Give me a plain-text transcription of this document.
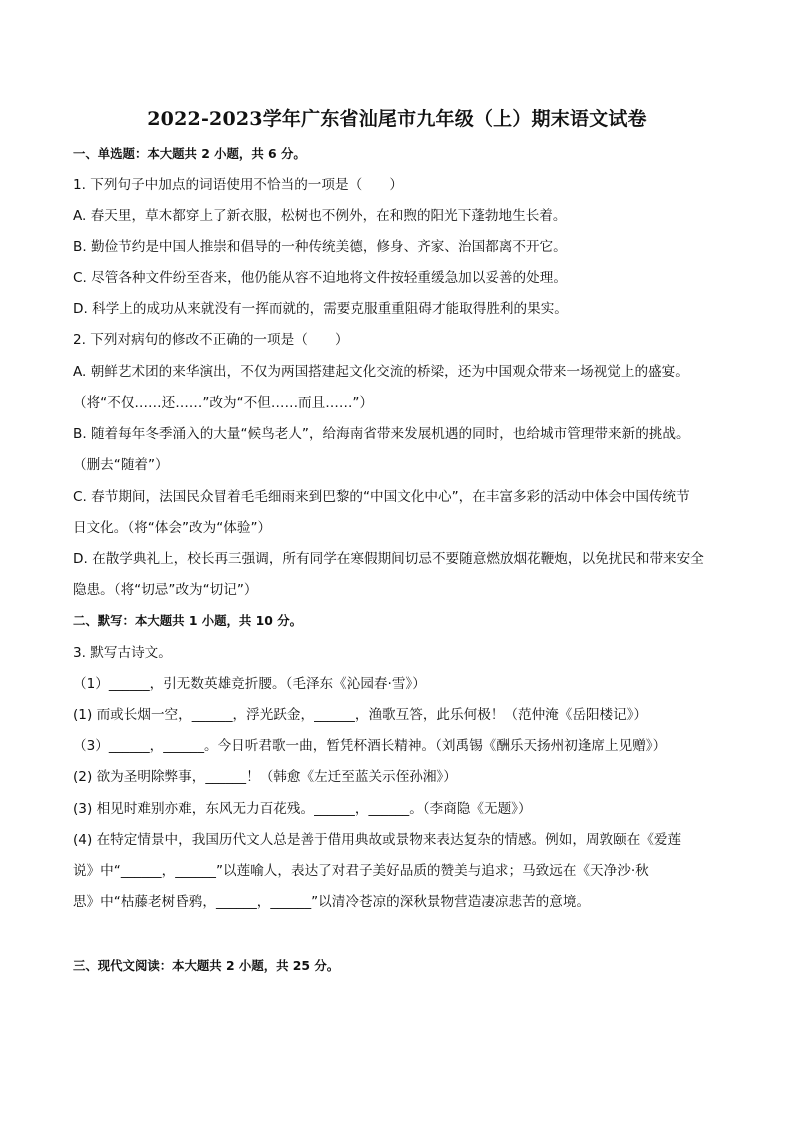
2022-2023学年广东省汕尾市九年级（上）期末语文试卷
一、单选题：本大题共 2 小题，共 6 分。
1. 下列句子中加点的词语使用不恰当的一项是（　　）
A. 春天里，草木都穿上了新衣服，松树也不例外，在和煦的阳光下蓬勃地生长着。
B. 勤俭节约是中国人推崇和倡导的一种传统美德，修身、齐家、治国都离不开它。
C. 尽管各种文件纷至沓来，他仍能从容不迫地将文件按轻重缓急加以妥善的处理。
D. 科学上的成功从来就没有一挥而就的，需要克服重重阻碍才能取得胜利的果实。
2. 下列对病句的修改不正确的一项是（　　）
A. 朝鲜艺术团的来华演出，不仅为两国搭建起文化交流的桥梁，还为中国观众带来一场视觉上的盛宴。
（将“不仅……还……”改为“不但……而且……”）
B. 随着每年冬季涌入的大量“候鸟老人”，给海南省带来发展机遇的同时，也给城市管理带来新的挑战。
（删去“随着”）
C. 春节期间，法国民众冒着毛毛细雨来到巴黎的“中国文化中心”，在丰富多彩的活动中体会中国传统节
日文化。（将“体会”改为“体验”）
D. 在散学典礼上，校长再三强调，所有同学在寒假期间切忌不要随意燃放烟花鞭炮，以免扰民和带来安全
隐患。（将“切忌”改为“切记”）
二、默写：本大题共 1 小题，共 10 分。
3. 默写古诗文。
（1）______，引无数英雄竞折腰。（毛泽东《沁园春·雪》）
(1) 而或长烟一空，______，浮光跃金，______，渔歌互答，此乐何极！（范仲淹《岳阳楼记》）
（3）______，______。今日听君歌一曲，暂凭杯酒长精神。（刘禹锡《酬乐天扬州初逢席上见赠》）
(2) 欲为圣明除弊事，______！（韩愈《左迁至蓝关示侄孙湘》）
(3) 相见时难别亦难，东风无力百花残。______，______。（李商隐《无题》）
(4) 在特定情景中，我国历代文人总是善于借用典故或景物来表达复杂的情感。例如，周敦颐在《爱莲
说》中“______，______”以莲喻人，表达了对君子美好品质的赞美与追求；马致远在《天净沙·秋
思》中“枯藤老树昏鸦，______，______”以清冷苍凉的深秋景物营造凄凉悲苦的意境。
三、现代文阅读：本大题共 2 小题，共 25 分。
